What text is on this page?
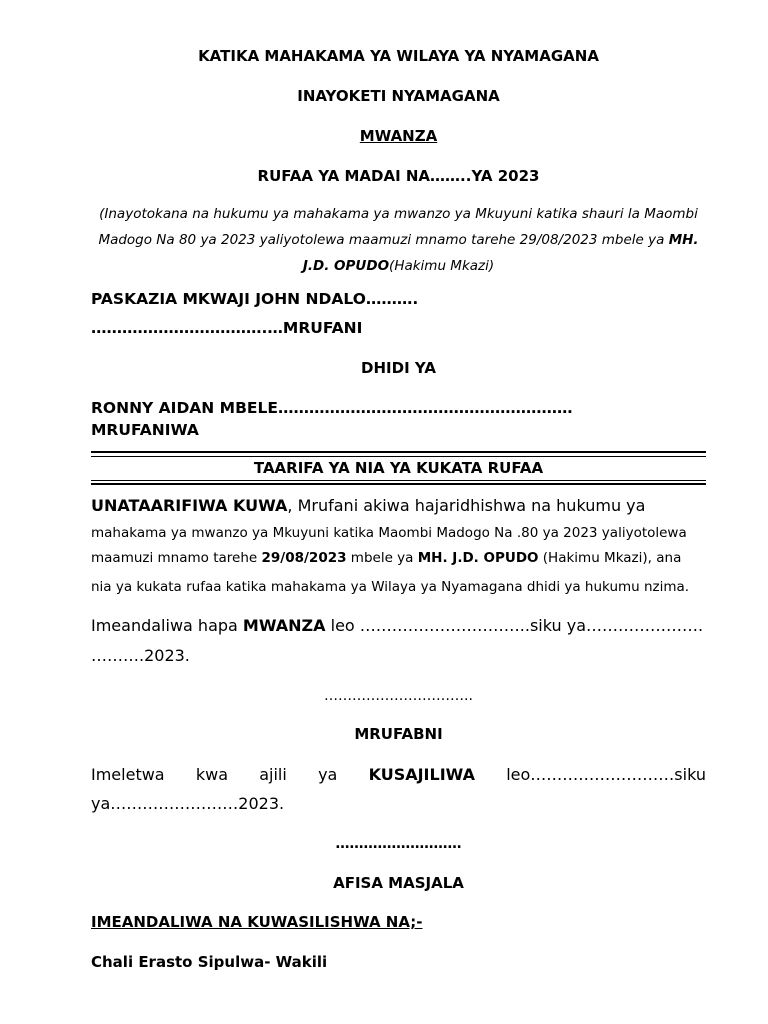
KATIKA MAHAKAMA YA WILAYA YA NYAMAGANA

INAYOKETI NYAMAGANA

MWANZA

RUFAA YA MADAI NA……..YA 2023

(Inayotokana na hukumu ya mahakama ya mwanzo ya Mkuyuni katika shauri la Maombi Madogo Na 80 ya 2023 yaliyotolewa maamuzi mnamo tarehe 29/08/2023 mbele ya MH. J.D. OPUDO(Hakimu Mkazi)

PASKAZIA MKWAJI JOHN NDALO……….

…………………………….…MRUFANI

DHIDI YA

RONNY AIDAN MBELE…………………………………………………

MRUFANIWA

TAARIFA YA NIA YA KUKATA RUFAA

UNATAARIFIWA KUWA, Mrufani akiwa hajaridhishwa na hukumu ya

mahakama ya mwanzo ya Mkuyuni katika Maombi Madogo Na .80 ya 2023 yaliyotolewa

maamuzi mnamo tarehe 29/08/2023 mbele ya MH. J.D. OPUDO (Hakimu Mkazi), ana

nia ya kukata rufaa katika mahakama ya Wilaya ya Nyamagana dhidi ya hukumu nzima.

Imeandaliwa hapa MWANZA leo …………………………..siku ya………………….

……….2023.

…………………………..

MRUFABNI

Imeletwa kwa ajili ya KUSAJILIWA leo………………………siku

ya……………………2023.

………………………

AFISA MASJALA

IMEANDALIWA NA KUWASILISHWA NA;-

Chali Erasto Sipulwa- Wakili
